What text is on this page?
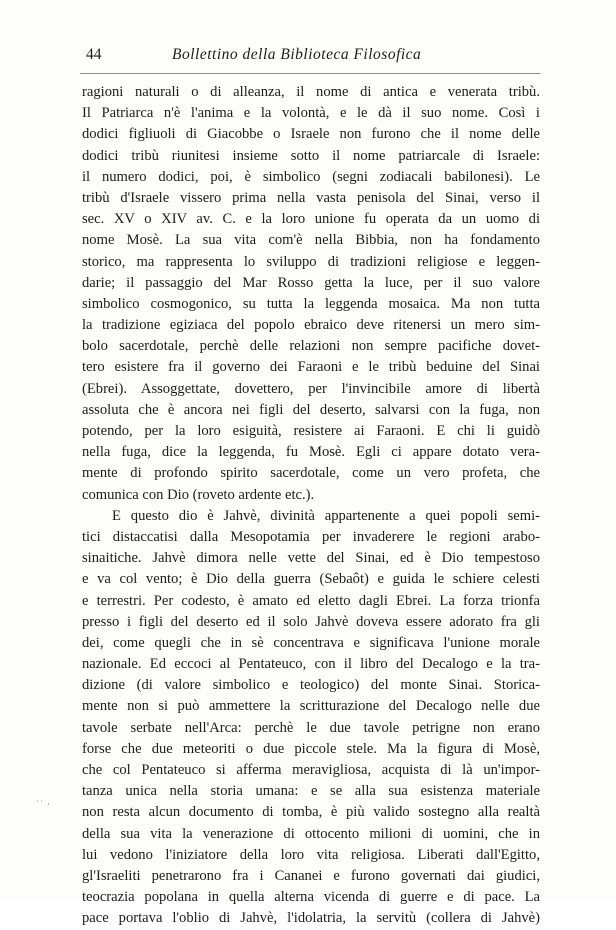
44	Bollettino della Biblioteca Filosofica
ragioni naturali o di alleanza, il nome di antica e venerata tribù.
Il Patriarca n'è l'anima e la volontà, e le dà il suo nome. Così i
dodici figliuoli di Giacobbe o Israele non furono che il nome delle
dodici tribù riunitesi insieme sotto il nome patriarcale di Israele:
il numero dodici, poi, è simbolico (segni zodiacali babilonesi). Le
tribù d'Israele vissero prima nella vasta penisola del Sinai, verso il
sec. XV o XIV av. C. e la loro unione fu operata da un uomo di
nome Mosè. La sua vita com'è nella Bibbia, non ha fondamento
storico, ma rappresenta lo sviluppo di tradizioni religiose e leggen-
darie; il passaggio del Mar Rosso getta la luce, per il suo valore
simbolico cosmogonico, su tutta la leggenda mosaica. Ma non tutta
la tradizione egiziaca del popolo ebraico deve ritenersi un mero sim-
bolo sacerdotale, perchè delle relazioni non sempre pacifiche dovet-
tero esistere fra il governo dei Faraoni e le tribù beduine del Sinai
(Ebrei). Assoggettate, dovettero, per l'invincibile amore di libertà
assoluta che è ancora nei figli del deserto, salvarsi con la fuga, non
potendo, per la loro esiguità, resistere ai Faraoni. E chi li guidò
nella fuga, dice la leggenda, fu Mosè. Egli ci appare dotato vera-
mente di profondo spirito sacerdotale, come un vero profeta, che
comunica con Dio (roveto ardente etc.).
E questo dio è Jahvè, divinità appartenente a quei popoli semi-
tici distaccatisi dalla Mesopotamia per invaderere le regioni arabo-
sinaitiche. Jahvè dimora nelle vette del Sinai, ed è Dio tempestoso
e va col vento; è Dio della guerra (Sebaôt) e guida le schiere celesti
e terrestri. Per codesto, è amato ed eletto dagli Ebrei. La forza trionfa
presso i figli del deserto ed il solo Jahvè doveva essere adorato fra gli
dei, come quegli che in sè concentrava e significava l'unione morale
nazionale. Ed eccoci al Pentateuco, con il libro del Decalogo e la tra-
dizione (di valore simbolico e teologico) del monte Sinai. Storica-
mente non si può ammettere la scritturazione del Decalogo nelle due
tavole serbate nell'Arca: perchè le due tavole petrigne non erano
forse che due meteoriti o due piccole stele. Ma la figura di Mosè,
che col Pentateuco si afferma meravigliosa, acquista di là un'impor-
tanza unica nella storia umana: e se alla sua esistenza materiale
non resta alcun documento di tomba, è più valido sostegno alla realtà
della sua vita la venerazione di ottocento milioni di uomini, che in
lui vedono l'iniziatore della loro vita religiosa. Liberati dall'Egitto,
gl'Israeliti penetrarono fra i Cananei e furono governati dai giudici,
teocrazia popolana in quella alterna vicenda di guerre e di pace. La
pace portava l'oblio di Jahvè, l'idolatria, la servitù (collera di Jahvè)
·· ,
